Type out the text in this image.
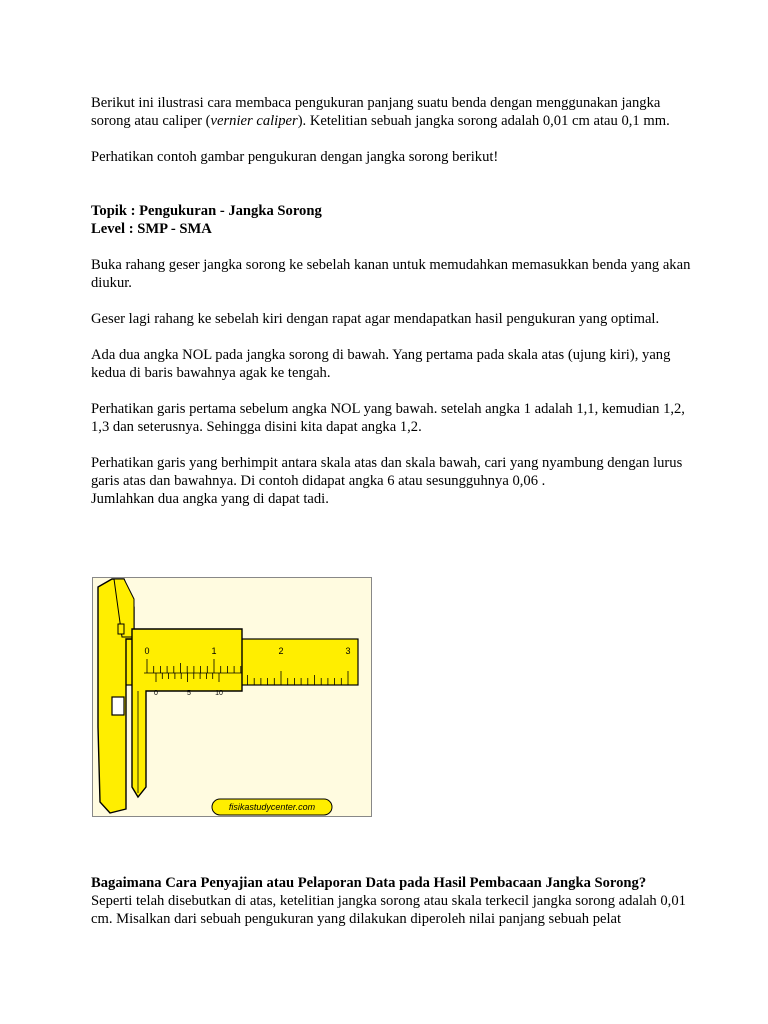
Berikut ini ilustrasi cara membaca pengukuran panjang suatu benda dengan menggunakan jangka sorong atau caliper (vernier caliper). Ketelitian sebuah jangka sorong adalah 0,01 cm atau 0,1 mm.

Perhatikan contoh gambar pengukuran dengan jangka sorong berikut!

Topik : Pengukuran - Jangka Sorong

Level : SMP - SMA

Buka rahang geser jangka sorong ke sebelah kanan untuk memudahkan memasukkan benda yang akan diukur.

Geser lagi rahang ke sebelah kiri dengan rapat agar mendapatkan hasil pengukuran yang optimal.

Ada dua angka NOL pada jangka sorong di bawah. Yang pertama pada skala atas (ujung kiri), yang kedua di baris bawahnya agak ke tengah.

Perhatikan garis pertama sebelum angka NOL yang bawah. setelah angka 1 adalah 1,1, kemudian 1,2, 1,3 dan seterusnya. Sehingga disini kita dapat angka 1,2.

Perhatikan garis yang berhimpit antara skala atas dan skala bawah, cari yang nyambung dengan lurus garis atas dan bawahnya. Di contoh didapat angka 6 atau sesungguhnya 0,06 .
Jumlahkan dua angka yang di dapat tadi.
0	1	2	3
0	5	10
fisikastudycenter.com

Bagaimana Cara Penyajian atau Pelaporan Data pada Hasil Pembacaan Jangka Sorong?

Seperti telah disebutkan di atas, ketelitian jangka sorong atau skala terkecil jangka sorong adalah 0,01 cm. Misalkan dari sebuah pengukuran yang dilakukan diperoleh nilai panjang sebuah pelat
